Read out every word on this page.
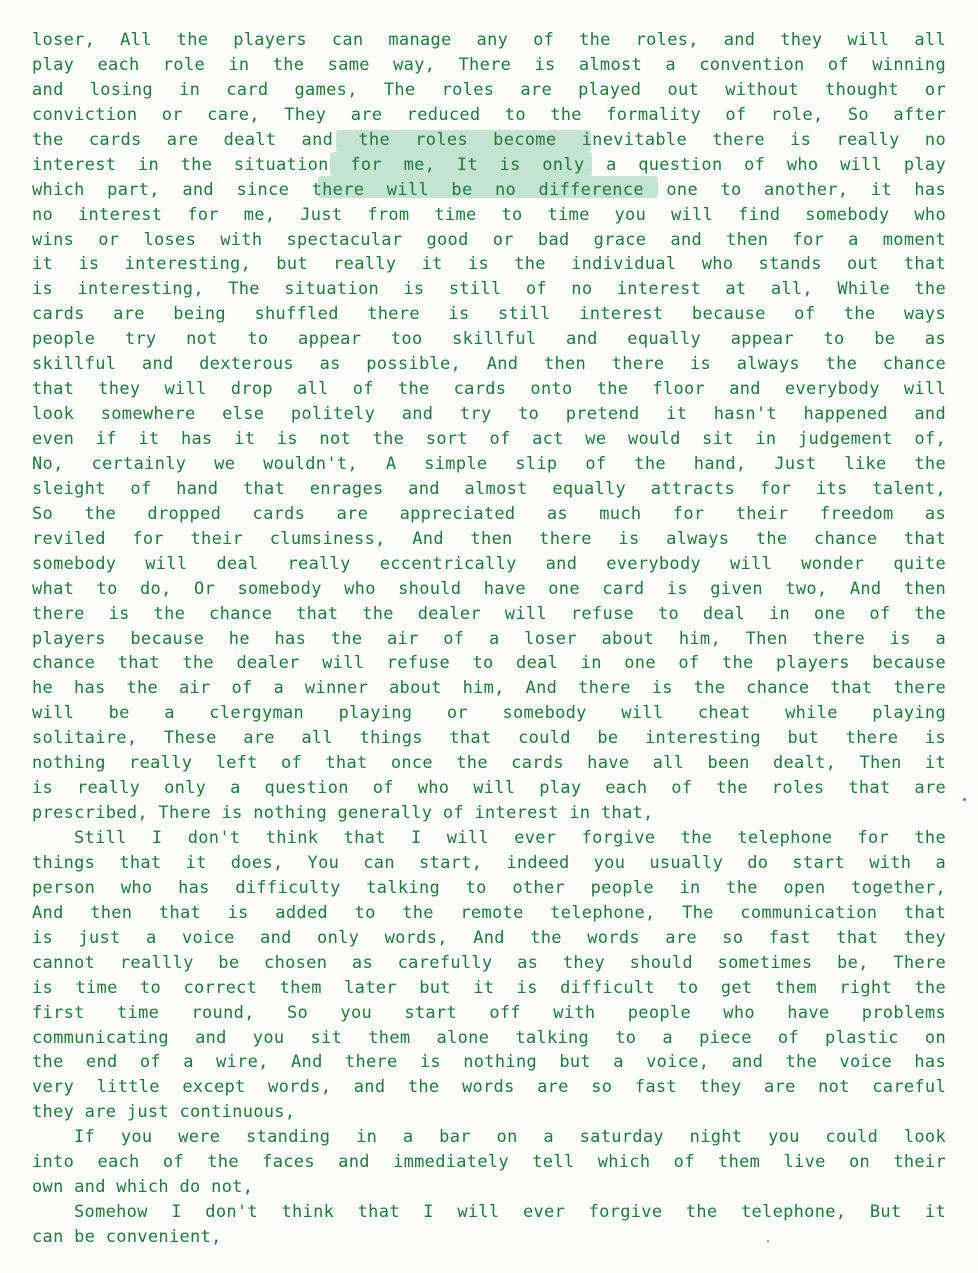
loser, All the players can manage any of the roles, and they will all
play each role in the same way, There is almost a convention of winning
and losing in card games, The roles are played out without thought or
conviction or care, They are reduced to the formality of role, So after
the cards are dealt and the roles become inevitable there is really no
interest in the situation for me, It is only a question of who will play
which part, and since there will be no difference one to another, it has
no interest for me, Just from time to time you will find somebody who
wins or loses with spectacular good or bad grace and then for a moment
it is interesting, but really it is the individual who stands out that
is interesting, The situation is still of no interest at all, While the
cards are being shuffled there is still interest because of the ways
people try not to appear too skillful and equally appear to be as
skillful and dexterous as possible, And then there is always the chance
that they will drop all of the cards onto the floor and everybody will
look somewhere else politely and try to pretend it hasn't happened and
even if it has it is not the sort of act we would sit in judgement of,
No, certainly we wouldn't, A simple slip of the hand, Just like the
sleight of hand that enrages and almost equally attracts for its talent,
So the dropped cards are appreciated as much for their freedom as
reviled for their clumsiness, And then there is always the chance that
somebody will deal really eccentrically and everybody will wonder quite
what to do, Or somebody who should have one card is given two, And then
there is the chance that the dealer will refuse to deal in one of the
players because he has the air of a loser about him, Then there is a
chance that the dealer will refuse to deal in one of the players because
he has the air of a winner about him, And there is the chance that there
will be a clergyman playing or somebody will cheat while playing
solitaire, These are all things that could be interesting but there is
nothing really left of that once the cards have all been dealt, Then it
is really only a question of who will play each of the roles that are
prescribed, There is nothing generally of interest in that,
Still I don't think that I will ever forgive the telephone for the
things that it does, You can start, indeed you usually do start with a
person who has difficulty talking to other people in the open together,
And then that is added to the remote telephone, The communication that
is just a voice and only words, And the words are so fast that they
cannot reallly be chosen as carefully as they should sometimes be, There
is time to correct them later but it is difficult to get them right the
first time round, So you start off with people who have problems
communicating and you sit them alone talking to a piece of plastic on
the end of a wire, And there is nothing but a voice, and the voice has
very little except words, and the words are so fast they are not careful
they are just continuous,
If you were standing in a bar on a saturday night you could look
into each of the faces and immediately tell which of them live on their
own and which do not,
Somehow I don't think that I will ever forgive the telephone, But it
can be convenient,
